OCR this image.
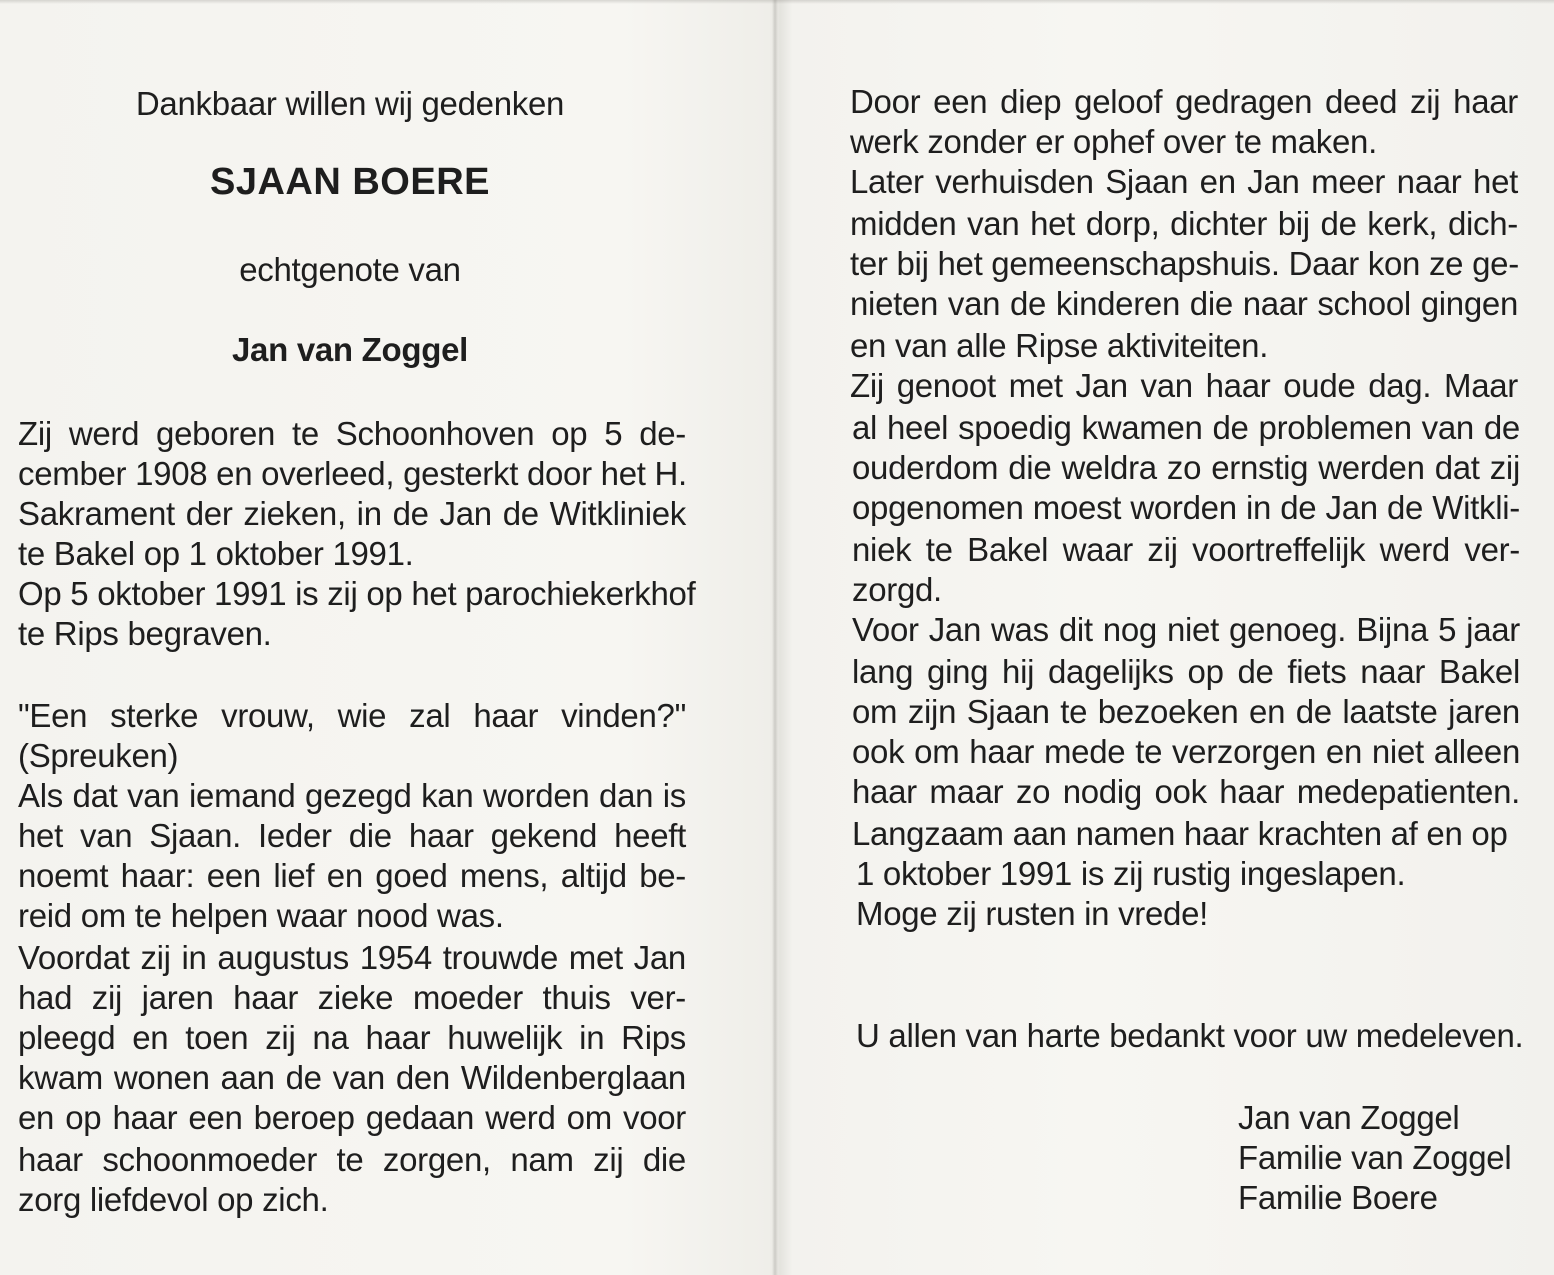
Dankbaar willen wij gedenken
SJAAN BOERE
echtgenote van
Jan van Zoggel
Zij werd geboren te Schoonhoven op 5 de-
cember 1908 en overleed, gesterkt door het H.
Sakrament der zieken, in de Jan de Witkliniek
te Bakel op 1 oktober 1991.
Op 5 oktober 1991 is zij op het parochiekerkhof
te Rips begraven.
"Een sterke vrouw, wie zal haar vinden?"
(Spreuken)
Als dat van iemand gezegd kan worden dan is
het van Sjaan. Ieder die haar gekend heeft
noemt haar: een lief en goed mens, altijd be-
reid om te helpen waar nood was.
Voordat zij in augustus 1954 trouwde met Jan
had zij jaren haar zieke moeder thuis ver-
pleegd en toen zij na haar huwelijk in Rips
kwam wonen aan de van den Wildenberglaan
en op haar een beroep gedaan werd om voor
haar schoonmoeder te zorgen, nam zij die
zorg liefdevol op zich.
Door een diep geloof gedragen deed zij haar
werk zonder er ophef over te maken.
Later verhuisden Sjaan en Jan meer naar het
midden van het dorp, dichter bij de kerk, dich-
ter bij het gemeenschapshuis. Daar kon ze ge-
nieten van de kinderen die naar school gingen
en van alle Ripse aktiviteiten.
Zij genoot met Jan van haar oude dag. Maar
al heel spoedig kwamen de problemen van de
ouderdom die weldra zo ernstig werden dat zij
opgenomen moest worden in de Jan de Witkli-
niek te Bakel waar zij voortreffelijk werd ver-
zorgd.
Voor Jan was dit nog niet genoeg. Bijna 5 jaar
lang ging hij dagelijks op de fiets naar Bakel
om zijn Sjaan te bezoeken en de laatste jaren
ook om haar mede te verzorgen en niet alleen
haar maar zo nodig ook haar medepatienten.
Langzaam aan namen haar krachten af en op
1 oktober 1991 is zij rustig ingeslapen.
Moge zij rusten in vrede!
U allen van harte bedankt voor uw medeleven.
Jan van Zoggel
Familie van Zoggel
Familie Boere
